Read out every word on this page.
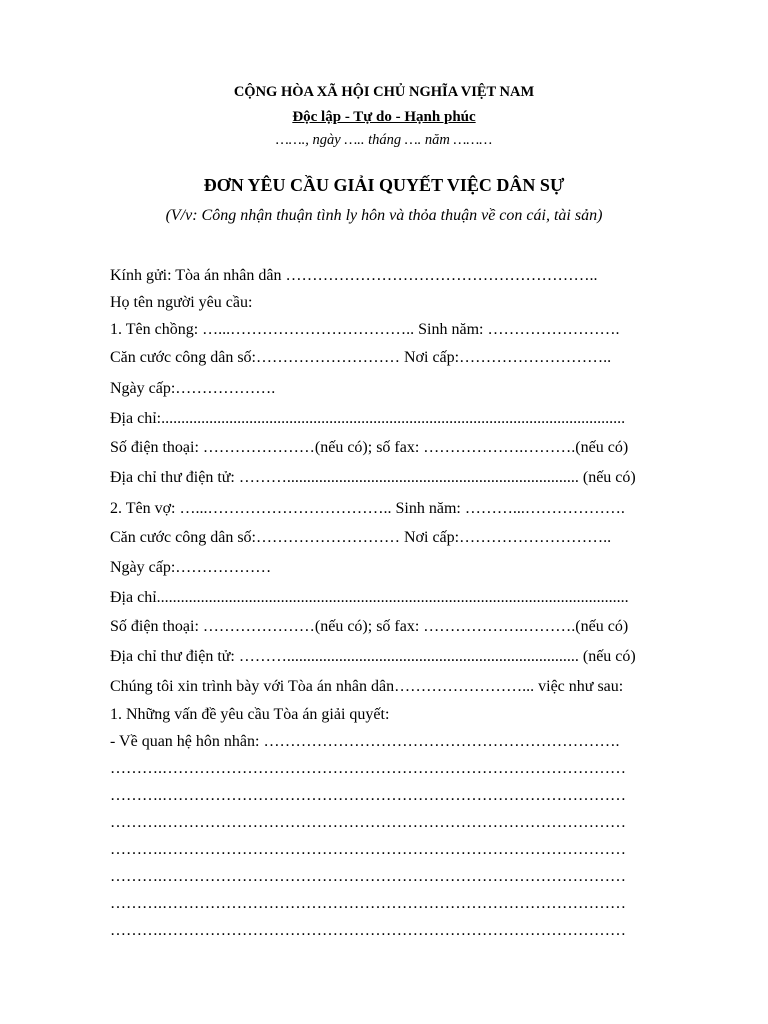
CỘNG HÒA XÃ HỘI CHỦ NGHĨA VIỆT NAM
Độc lập - Tự do - Hạnh phúc
……., ngày ….. tháng …. năm ………
ĐƠN YÊU CẦU GIẢI QUYẾT VIỆC DÂN SỰ
(V/v: Công nhận thuận tình ly hôn và thỏa thuận về con cái, tài sản)
Kính gửi: Tòa án nhân dân …………………………………………………..
Họ tên người yêu cầu:
1. Tên chồng: …...…………………………….. Sinh năm: …………………….
Căn cước công dân số:……………………… Nơi cấp:………………………..
Ngày cấp:……………….
Địa chỉ:....................................................................................................................
Số điện thoại: …………………(nếu có); số fax: ……………….……….(nếu có)
Địa chỉ thư điện tử: ………......................................................................... (nếu có)
2. Tên vợ: …...…………………………….. Sinh năm: ………...……………….
Căn cước công dân số:……………………… Nơi cấp:………………………..
Ngày cấp:………………
Địa chỉ......................................................................................................................
Số điện thoại: …………………(nếu có); số fax: ……………….……….(nếu có)
Địa chỉ thư điện tử: ………......................................................................... (nếu có)
Chúng tôi xin trình bày với Tòa án nhân dân……………………... việc như sau:
1. Những vấn đề yêu cầu Tòa án giải quyết:
- Về quan hệ hôn nhân: ………………………………………………………….
……….……………………………………………………………………………
……….……………………………………………………………………………
……….……………………………………………………………………………
……….……………………………………………………………………………
……….……………………………………………………………………………
……….……………………………………………………………………………
……….……………………………………………………………………………
